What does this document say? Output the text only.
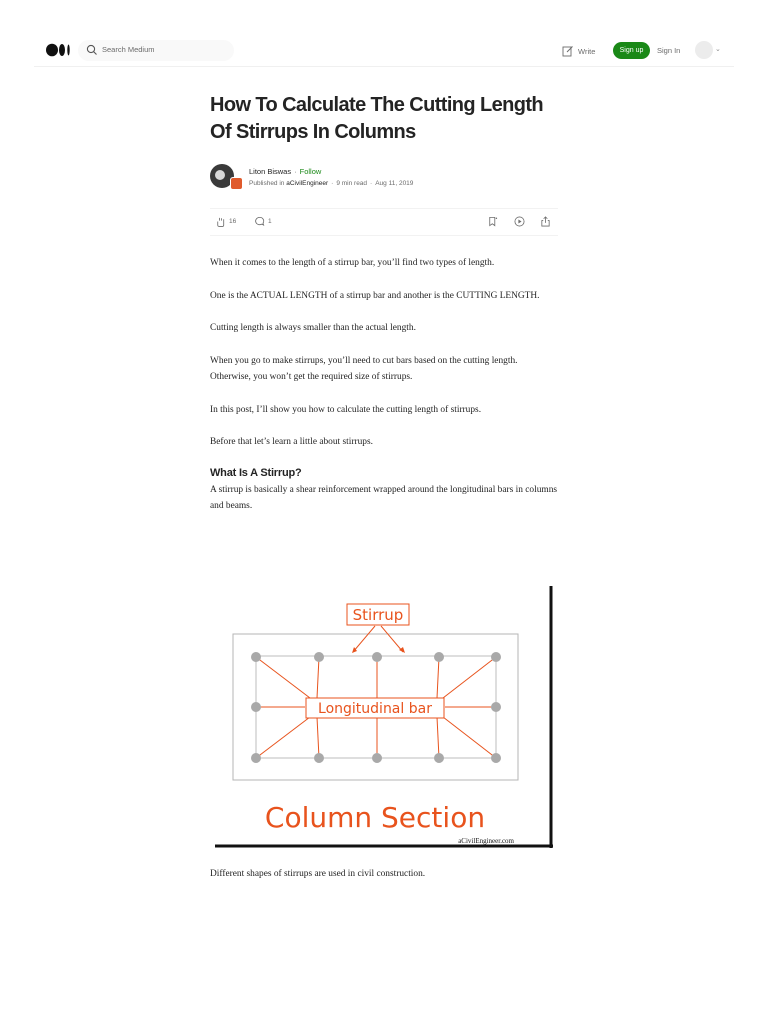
Search Medium	Write	Sign up	Sign In	⌄
How To Calculate The Cutting Length Of Stirrups In Columns
Liton Biswas · Follow
Published in aCivilEngineer · 9 min read · Aug 11, 2019
16	1

When it comes to the length of a stirrup bar, you’ll find two types of length.

One is the ACTUAL LENGTH of a stirrup bar and another is the CUTTING LENGTH.

Cutting length is always smaller than the actual length.

When you go to make stirrups, you’ll need to cut bars based on the cutting length. Otherwise, you won’t get the required size of stirrups.

In this post, I’ll show you how to calculate the cutting length of stirrups.

Before that let’s learn a little about stirrups.

What Is A Stirrup?

A stirrup is basically a shear reinforcement wrapped around the longitudinal bars in columns and beams.

Stirrup
Longitudinal bar
Column Section
aCivilEngineer.com
Different shapes of stirrups are used in civil construction.
